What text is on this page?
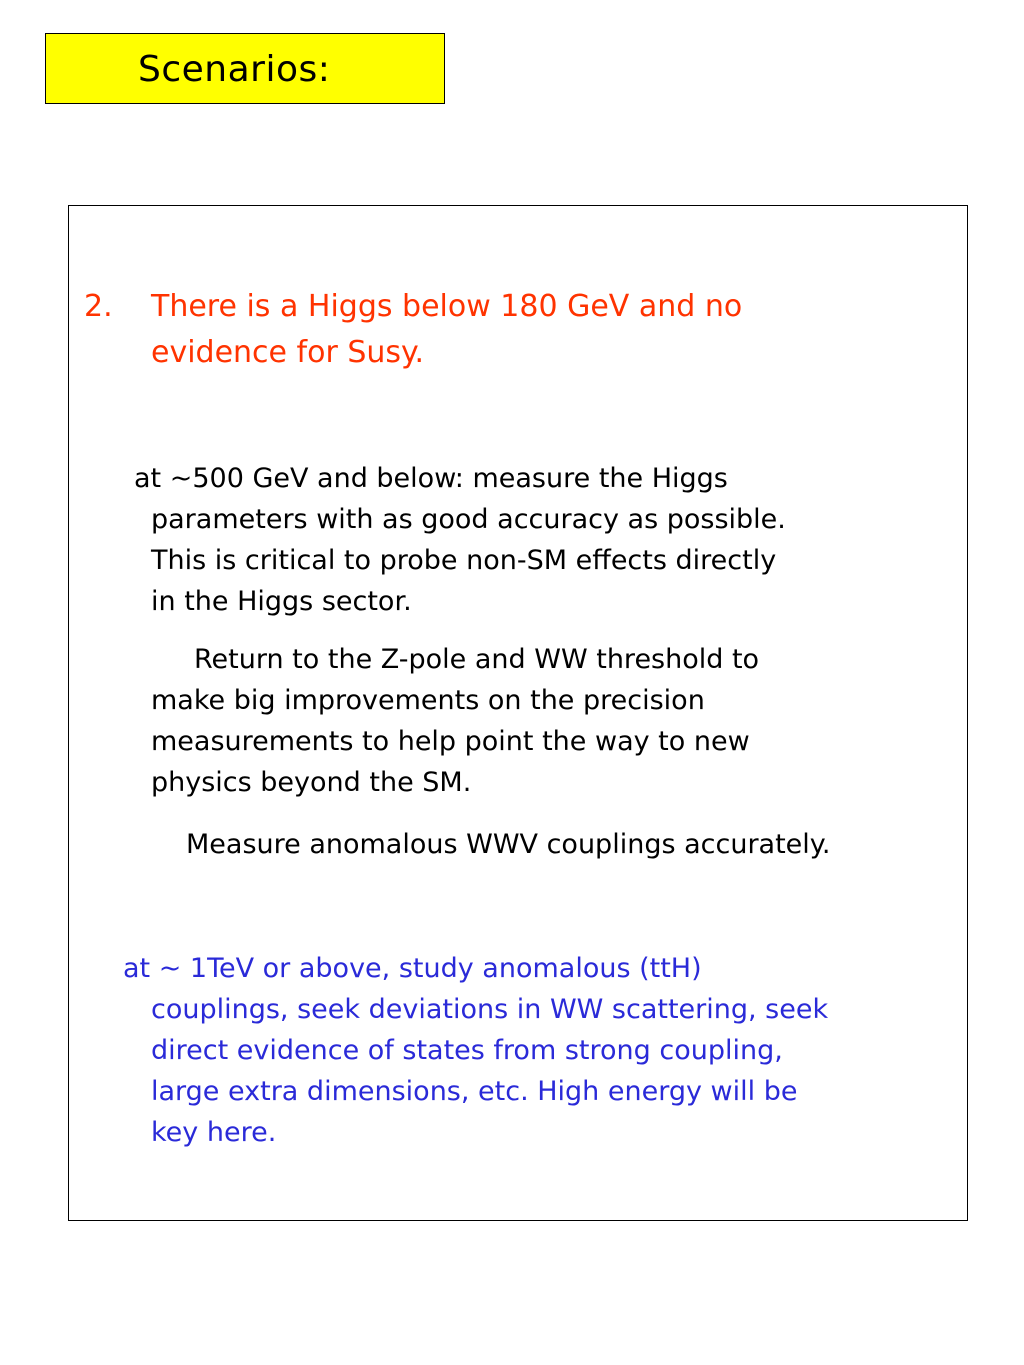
Scenarios:
2. There is a Higgs below 180 GeV and no
evidence for Susy.
at ~500 GeV and below: measure the Higgs
parameters with as good accuracy as possible.
This is critical to probe non-SM effects directly
in the Higgs sector.
Return to the Z-pole and WW threshold to
make big improvements on the precision
measurements to help point the way to new
physics beyond the SM.
Measure anomalous WWV couplings accurately.
at ~ 1TeV or above, study anomalous (ttH)
couplings, seek deviations in WW scattering, seek
direct evidence of states from strong coupling,
large extra dimensions, etc. High energy will be
key here.
